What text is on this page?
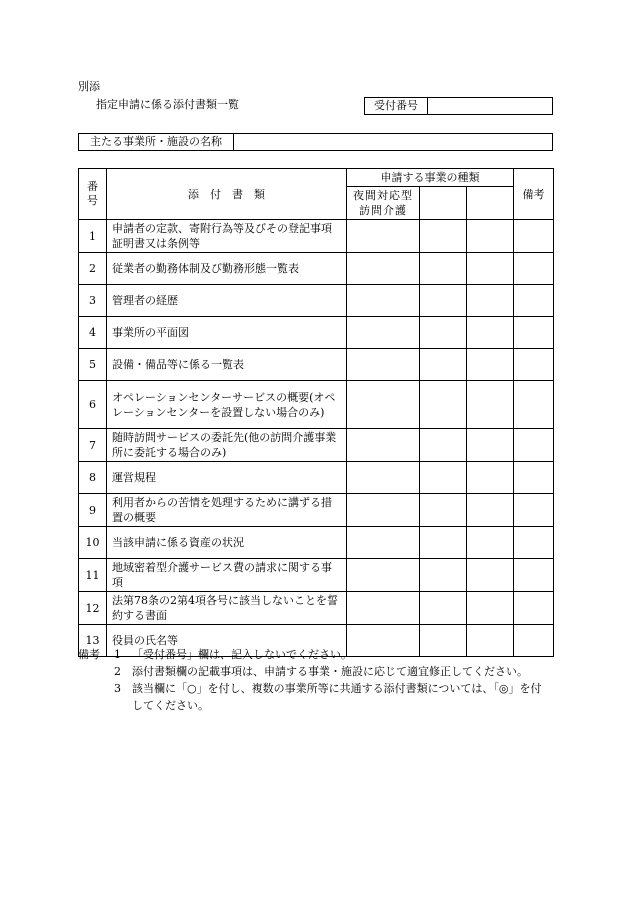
別添
指定申請に係る添付書類一覧	受付番号
主たる事業所・施設の名称
番号	添　付　書　類	申請する事業の種類			備考
		夜間対応型訪問介護			
1	申請者の定款、寄附行為等及びその登記事項証明書又は条例等				
2	従業者の勤務体制及び勤務形態一覧表				
3	管理者の経歴				
4	事業所の平面図				
5	設備・備品等に係る一覧表				
6	オペレーションセンターサービスの概要(オペレーションセンターを設置しない場合のみ)				
7	随時訪問サービスの委託先(他の訪問介護事業所に委託する場合のみ)				
8	運営規程				
9	利用者からの苦情を処理するために講ずる措置の概要				
10	当該申請に係る資産の状況				
11	地域密着型介護サービス費の請求に関する事項				
12	法第78条の2第4項各号に該当しないことを誓約する書面				
13	役員の氏名等				
備考	1	「受付番号」欄は、記入しないでください。
2	添付書類欄の記載事項は、申請する事業・施設に応じて適宜修正してください。
3	該当欄に「○」を付し、複数の事業所等に共通する添付書類については、「◎」を付してください。
